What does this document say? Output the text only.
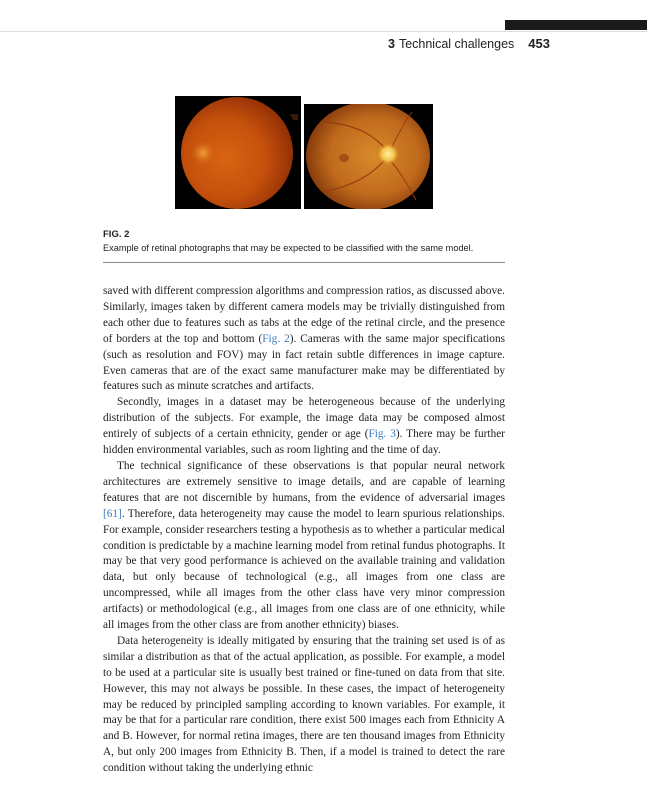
3 Technical challenges 453
FIG. 2
Example of retinal photographs that may be expected to be classified with the same model.

saved with different compression algorithms and compression ratios, as discussed above. Similarly, images taken by different camera models may be trivially distinguished from each other due to features such as tabs at the edge of the retinal circle, and the presence of borders at the top and bottom (Fig. 2). Cameras with the same major specifications (such as resolution and FOV) may in fact retain subtle differences in image capture. Even cameras that are of the exact same manufacturer make may be differentiated by features such as minute scratches and artifacts.

Secondly, images in a dataset may be heterogeneous because of the underlying distribution of the subjects. For example, the image data may be composed almost entirely of subjects of a certain ethnicity, gender or age (Fig. 3). There may be further hidden environmental variables, such as room lighting and the time of day.

The technical significance of these observations is that popular neural network architectures are extremely sensitive to image details, and are capable of learning features that are not discernible by humans, from the evidence of adversarial images [61]. Therefore, data heterogeneity may cause the model to learn spurious relationships. For example, consider researchers testing a hypothesis as to whether a particular medical condition is predictable by a machine learning model from retinal fundus photographs. It may be that very good performance is achieved on the available training and validation data, but only because of technological (e.g., all images from one class are uncompressed, while all images from the other class have very minor compression artifacts) or methodological (e.g., all images from one class are of one ethnicity, while all images from the other class are from another ethnicity) biases.

Data heterogeneity is ideally mitigated by ensuring that the training set used is of as similar a distribution as that of the actual application, as possible. For example, a model to be used at a particular site is usually best trained or fine-tuned on data from that site. However, this may not always be possible. In these cases, the impact of heterogeneity may be reduced by principled sampling according to known variables. For example, it may be that for a particular rare condition, there exist 500 images each from Ethnicity A and B. However, for normal retina images, there are ten thousand images from Ethnicity A, but only 200 images from Ethnicity B. Then, if a model is trained to detect the rare condition without taking the underlying ethnic
